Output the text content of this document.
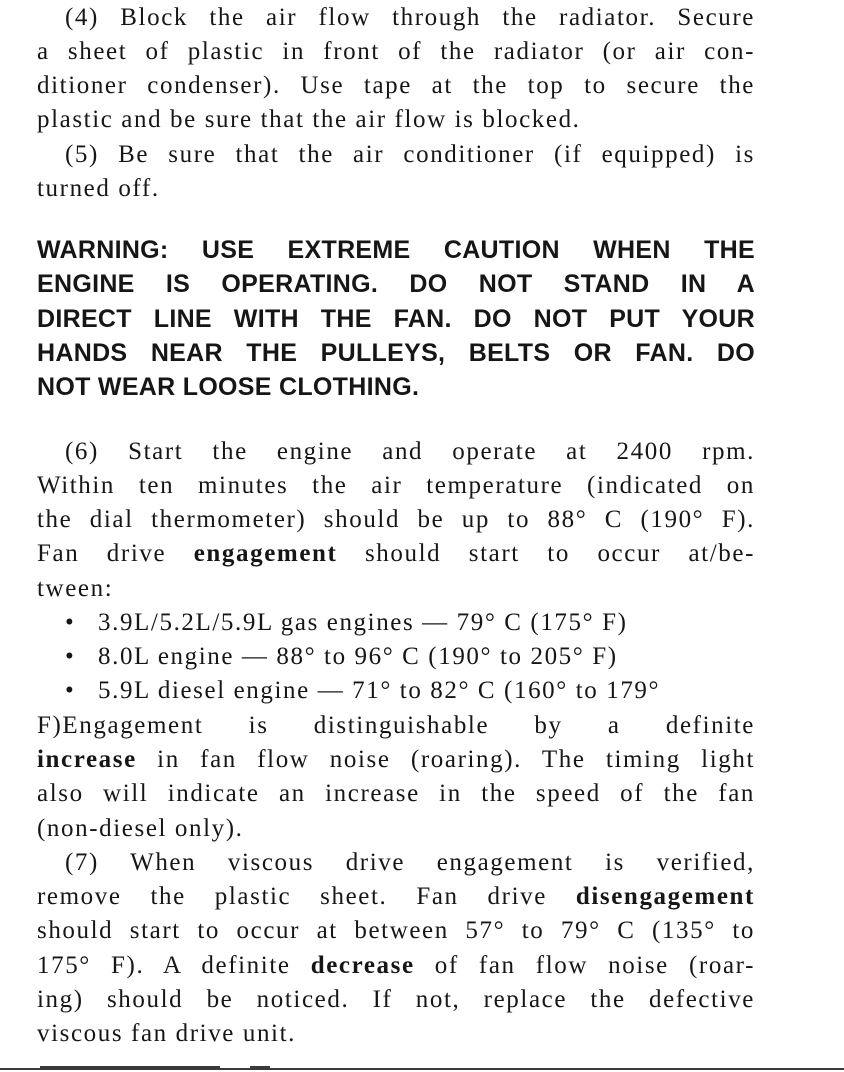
(4) Block the air flow through the radiator. Secure
a sheet of plastic in front of the radiator (or air con-
ditioner condenser). Use tape at the top to secure the
plastic and be sure that the air flow is blocked.
(5) Be sure that the air conditioner (if equipped) is
turned off.
WARNING: USE EXTREME CAUTION WHEN THE
ENGINE IS OPERATING. DO NOT STAND IN A
DIRECT LINE WITH THE FAN. DO NOT PUT YOUR
HANDS NEAR THE PULLEYS, BELTS OR FAN. DO
NOT WEAR LOOSE CLOTHING.
(6) Start the engine and operate at 2400 rpm.
Within ten minutes the air temperature (indicated on
the dial thermometer) should be up to 88° C (190° F).
Fan drive engagement should start to occur at/be-
tween:
• 3.9L/5.2L/5.9L gas engines — 79° C (175° F)
• 8.0L engine — 88° to 96° C (190° to 205° F)
• 5.9L diesel engine — 71° to 82° C (160° to 179°
F)Engagement is distinguishable by a definite
increase in fan flow noise (roaring). The timing light
also will indicate an increase in the speed of the fan
(non-diesel only).
(7) When viscous drive engagement is verified,
remove the plastic sheet. Fan drive disengagement
should start to occur at between 57° to 79° C (135° to
175° F). A definite decrease of fan flow noise (roar-
ing) should be noticed. If not, replace the defective
viscous fan drive unit.
